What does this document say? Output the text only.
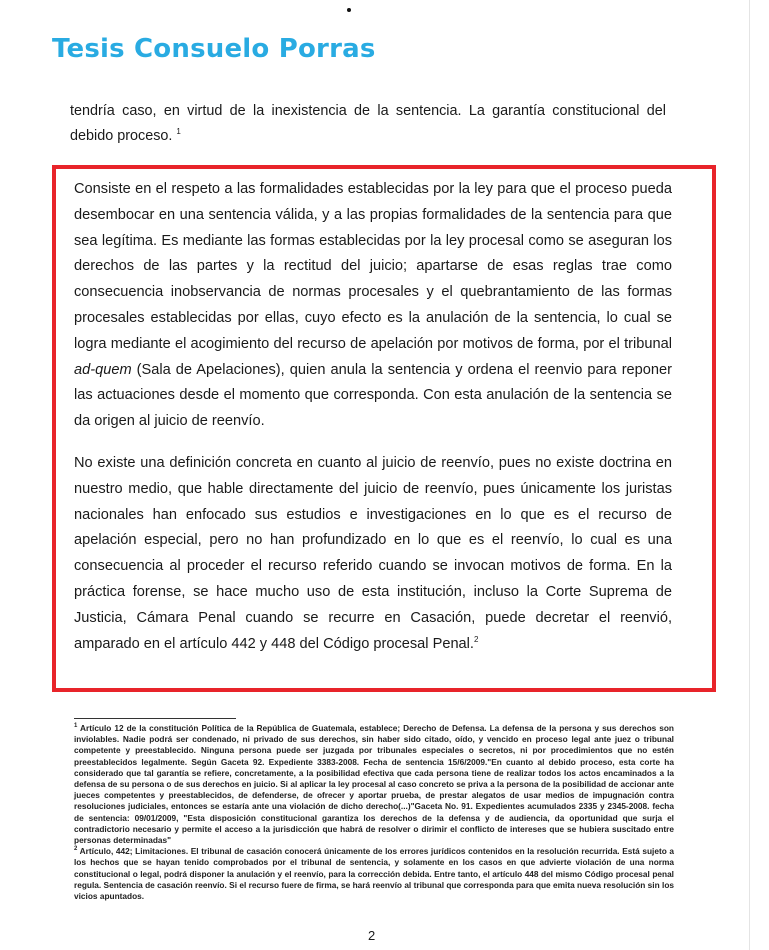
Tesis Consuelo Porras
tendría caso, en virtud de la inexistencia de la sentencia. La garantía constitucional del debido proceso. $^1$
Consiste en el respeto a las formalidades establecidas por la ley para que el proceso pueda desembocar en una sentencia válida, y a las propias formalidades de la sentencia para que sea legítima. Es mediante las formas establecidas por la ley procesal como se aseguran los derechos de las partes y la rectitud del juicio; apartarse de esas reglas trae como consecuencia inobservancia de normas procesales y el quebrantamiento de las formas procesales establecidas por ellas, cuyo efecto es la anulación de la sentencia, lo cual se logra mediante el acogimiento del recurso de apelación por motivos de forma, por el tribunal ad-quem (Sala de Apelaciones), quien anula la sentencia y ordena el reenvio para reponer las actuaciones desde el momento que corresponda. Con esta anulación de la sentencia se da origen al juicio de reenvío.
No existe una definición concreta en cuanto al juicio de reenvío, pues no existe doctrina en nuestro medio, que hable directamente del juicio de reenvío, pues únicamente los juristas nacionales han enfocado sus estudios e investigaciones en lo que es el recurso de apelación especial, pero no han profundizado en lo que es el reenvío, lo cual es una consecuencia al proceder el recurso referido cuando se invocan motivos de forma. En la práctica forense, se hace mucho uso de esta institución, incluso la Corte Suprema de Justicia, Cámara Penal cuando se recurre en Casación, puede decretar el reenvió, amparado en el artículo 442 y 448 del Código procesal Penal.$^2$

$^1$ Artículo 12 de la constitución Política de la República de Guatemala, establece; Derecho de Defensa. La defensa de la persona y sus derechos son inviolables. Nadie podrá ser condenado, ni privado de sus derechos, sin haber sido citado, oído, y vencido en proceso legal ante juez o tribunal competente y preestablecido. Ninguna persona puede ser juzgada por tribunales especiales o secretos, ni por procedimientos que no estén preestablecidos legalmente. Según Gaceta 92. Expediente 3383-2008. Fecha de sentencia 15/6/2009."En cuanto al debido proceso, esta corte ha considerado que tal garantía se refiere, concretamente, a la posibilidad efectiva que cada persona tiene de realizar todos los actos encaminados a la defensa de su persona o de sus derechos en juicio. Si al aplicar la ley procesal al caso concreto se priva a la persona de la posibilidad de accionar ante jueces competentes y preestablecidos, de defenderse, de ofrecer y aportar prueba, de prestar alegatos de usar medios de impugnación contra resoluciones judiciales, entonces se estaría ante una violación de dicho derecho(...)"Gaceta No. 91. Expedientes acumulados 2335 y 2345-2008. fecha de sentencia: 09/01/2009, "Esta disposición constitucional garantiza los derechos de la defensa y de audiencia, da oportunidad que surja el contradictorio necesario y permite el acceso a la jurisdicción que habrá de resolver o dirimir el conflicto de intereses que se hubiera suscitado entre personas determinadas"

$^2$ Artículo, 442; Limitaciones. El tribunal de casación conocerá únicamente de los errores jurídicos contenidos en la resolución recurrida. Está sujeto a los hechos que se hayan tenido comprobados por el tribunal de sentencia, y solamente en los casos en que advierte violación de una norma constitucional o legal, podrá disponer la anulación y el reenvío, para la corrección debida. Entre tanto, el artículo 448 del mismo Código procesal penal regula. Sentencia de casación reenvío. Si el recurso fuere de firma, se hará reenvío al tribunal que corresponda para que emita nueva resolución sin los vicios apuntados.

2
